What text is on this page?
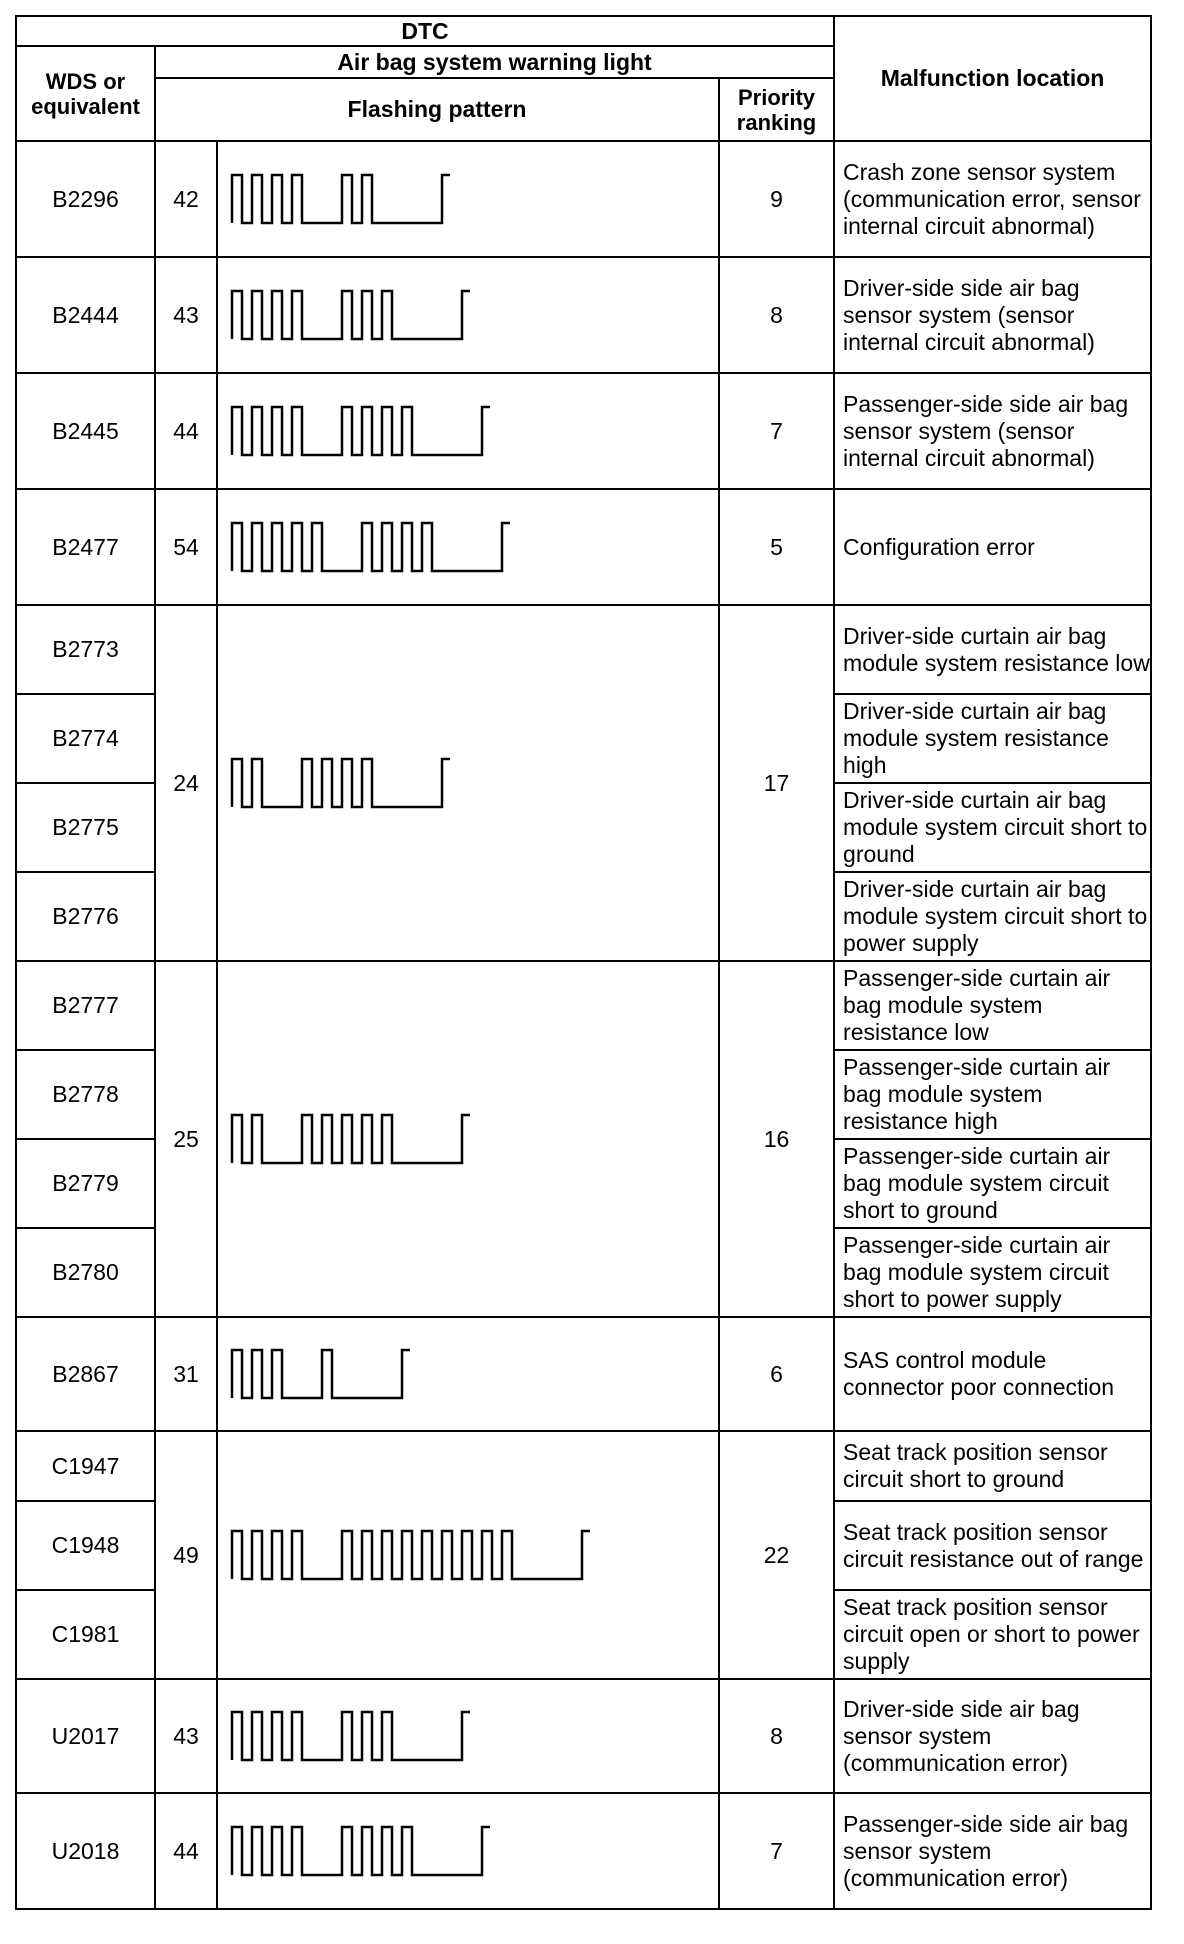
DTC				Malfunction location
WDS or equivalent	Air bag system warning light			
	Flashing pattern		Priority ranking	
B2296	42		9	Crash zone sensor system (communication error, sensor internal circuit abnormal)
B2444	43		8	Driver-side side air bag sensor system (sensor internal circuit abnormal)
B2445	44		7	Passenger-side side air bag sensor system (sensor internal circuit abnormal)
B2477	54		5	Configuration error
B2773	24		17	Driver-side curtain air bag module system resistance low
B2774				Driver-side curtain air bag module system resistance high
B2775				Driver-side curtain air bag module system circuit short to ground
B2776				Driver-side curtain air bag module system circuit short to power supply
B2777	25		16	Passenger-side curtain air bag module system resistance low
B2778				Passenger-side curtain air bag module system resistance high
B2779				Passenger-side curtain air bag module system circuit short to ground
B2780				Passenger-side curtain air bag module system circuit short to power supply
B2867	31		6	SAS control module connector poor connection
C1947	49		22	Seat track position sensor circuit short to ground
C1948				Seat track position sensor circuit resistance out of range
C1981				Seat track position sensor circuit open or short to power supply
U2017	43		8	Driver-side side air bag sensor system (communication error)
U2018	44		7	Passenger-side side air bag sensor system (communication error)
